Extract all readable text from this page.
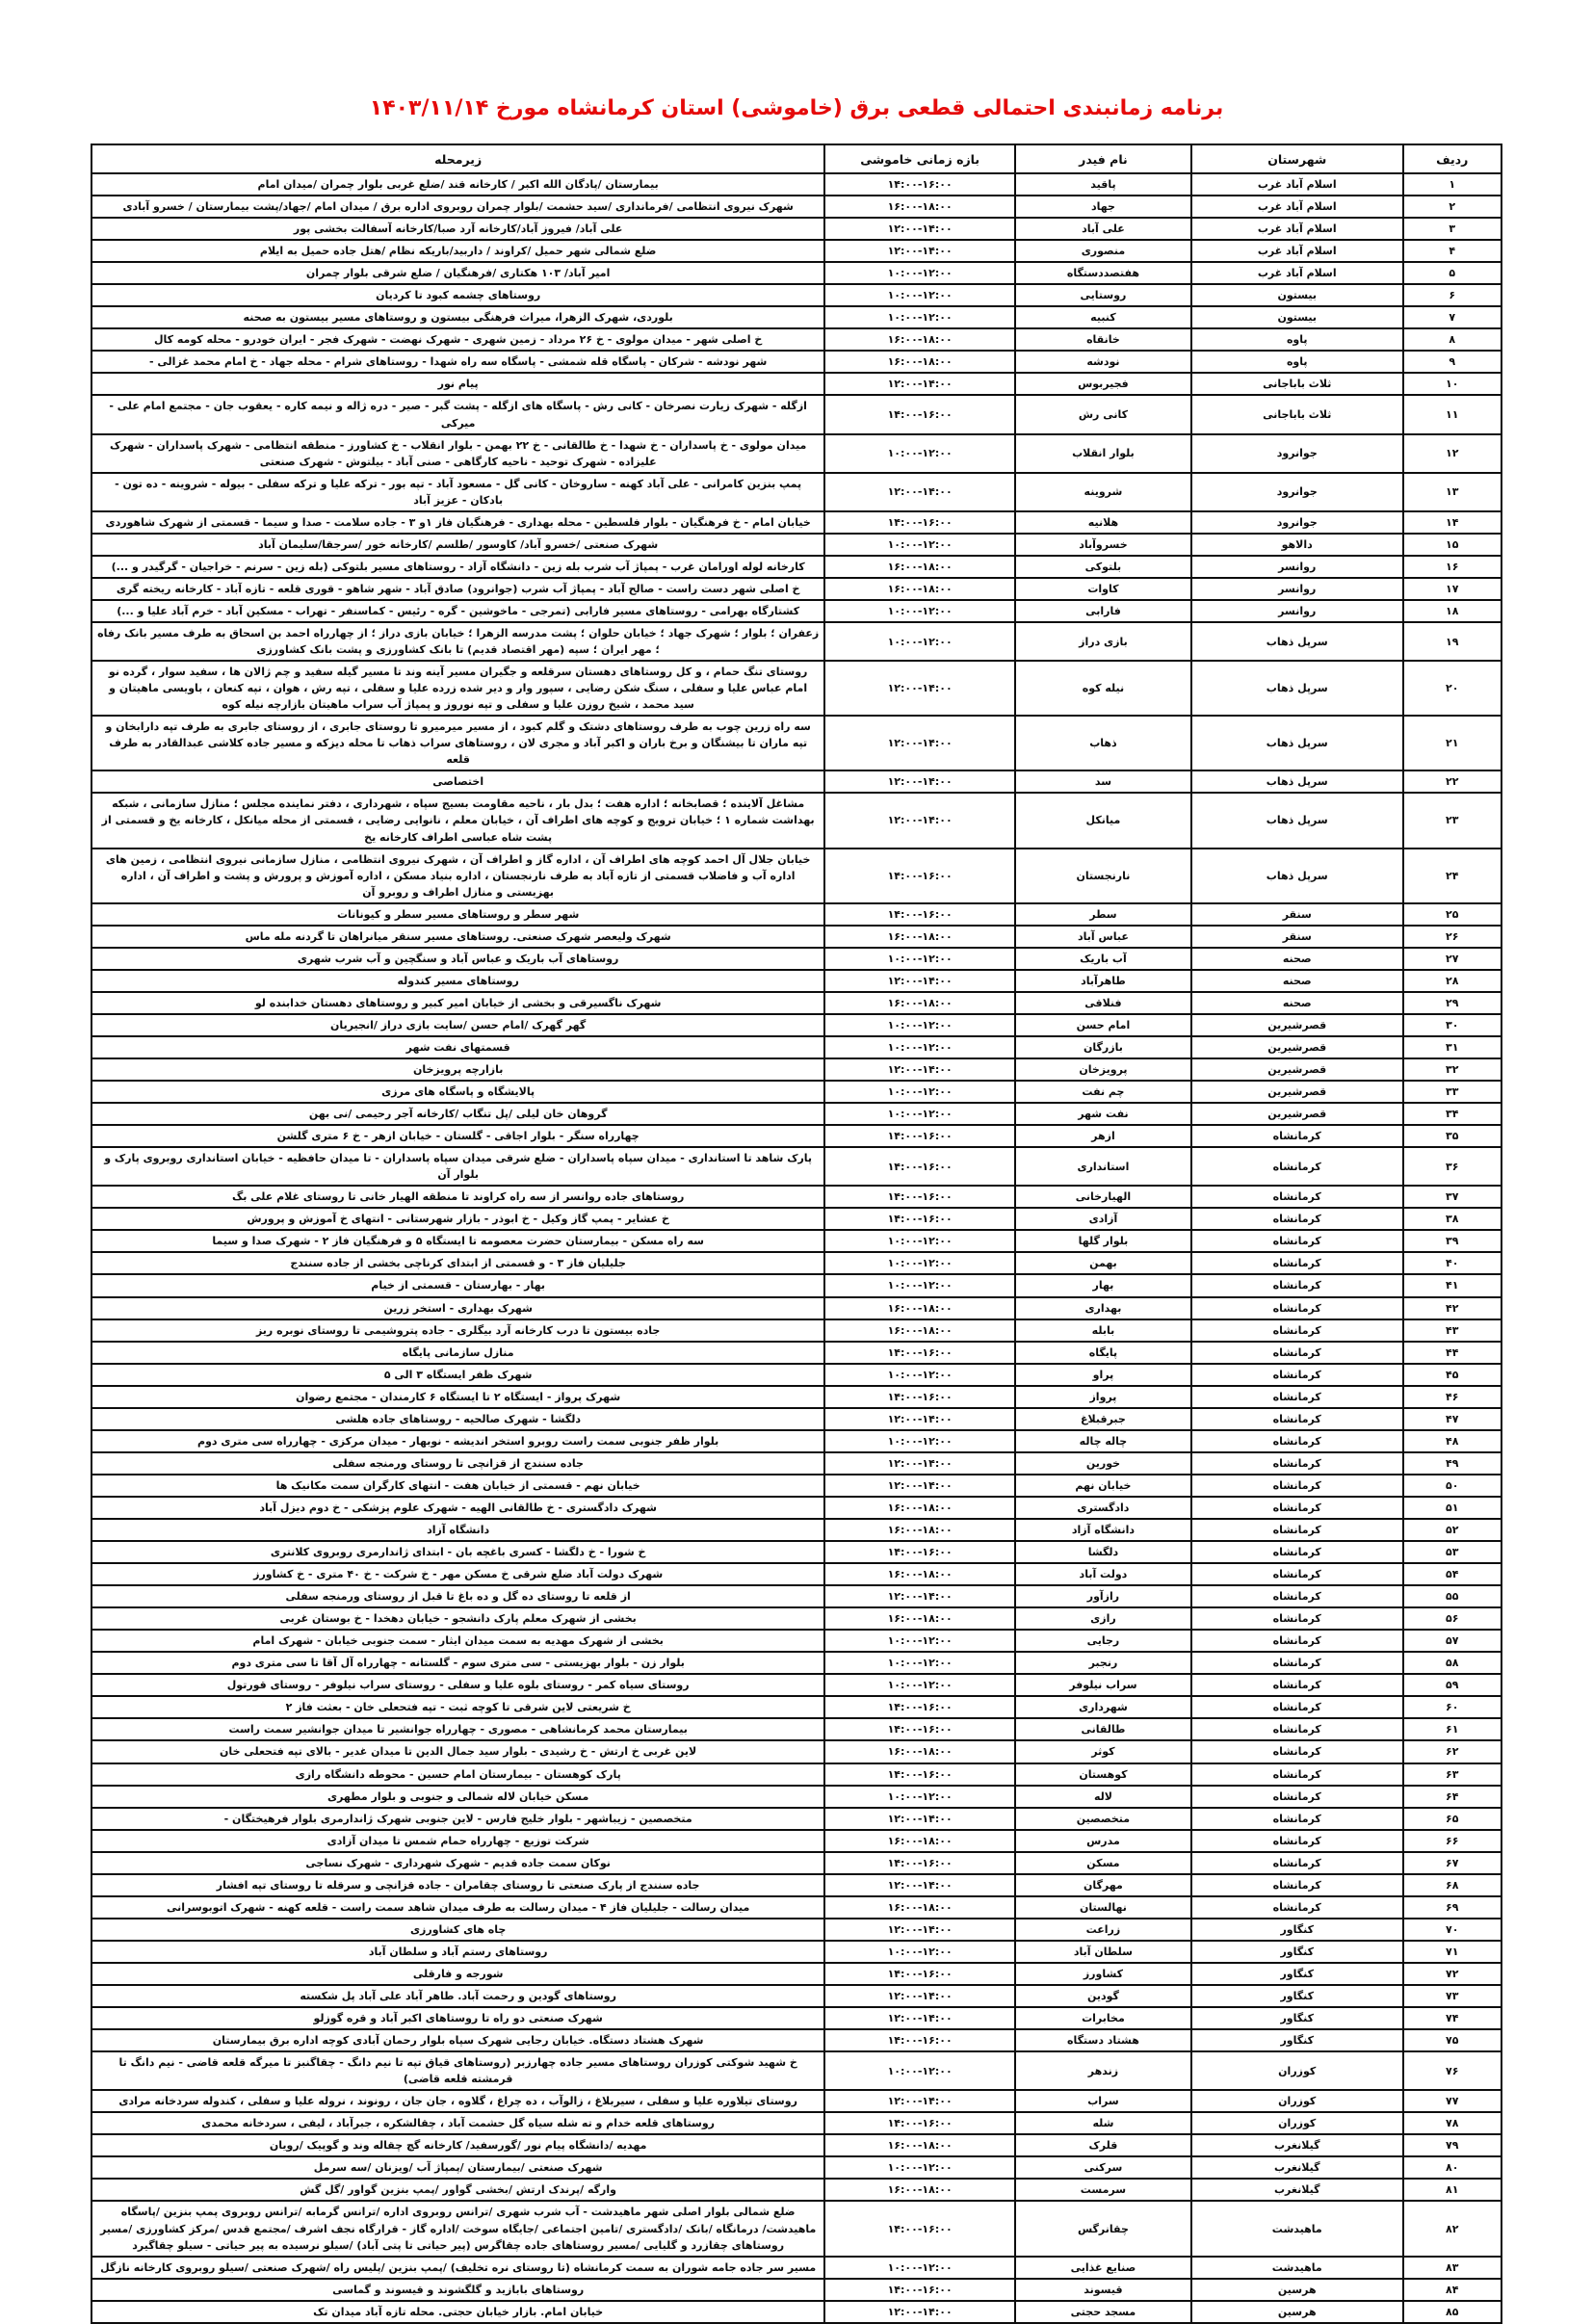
برنامه زمانبندی احتمالی قطعی برق (خاموشی) استان کرمانشاه مورخ ۱۴۰۳/۱۱/۱۴
ردیف	شهرستان	نام فیدر	بازه زمانی خاموشی	زیرمحله
۱	اسلام آباد غرب	پاقید	۱۴:۰۰-۱۶:۰۰	بیمارستان /پادگان الله اکبر / کارخانه قند /ضلع غربی بلوار چمران /میدان امام
۲	اسلام آباد غرب	جهاد	۱۶:۰۰-۱۸:۰۰	شهرک نیروی انتظامی /فرمانداری /سید حشمت /بلوار چمران روبروی اداره برق / میدان امام /جهاد/پشت بیمارستان / خسرو آبادی
۳	اسلام آباد غرب	علی آباد	۱۲:۰۰-۱۴:۰۰	علی آباد/ فیروز آباد/کارخانه آرد صبا/کارخانه آسفالت بخشی پور
۴	اسلام آباد غرب	منصوری	۱۲:۰۰-۱۴:۰۰	ضلع شمالی شهر حمیل /کراوند / داربید/باریکه نظام /هتل جاده حمیل به ایلام
۵	اسلام آباد غرب	هفتصددستگاه	۱۰:۰۰-۱۲:۰۰	امیر آباد/ ۱۰۳ هکتاری /فرهنگیان / ضلع شرقی بلوار چمران
۶	بیستون	روستایی	۱۰:۰۰-۱۲:۰۰	روستاهای چشمه کبود تا کردیان
۷	بیستون	کنبیه	۱۰:۰۰-۱۲:۰۰	بلوردی، شهرک الزهرا، میراث فرهنگی بیستون و روستاهای مسیر بیستون به صحنه
۸	پاوه	خانقاه	۱۶:۰۰-۱۸:۰۰	خ اصلی شهر - میدان مولوی - خ ۲۶ مرداد - زمین شهری - شهرک نهضت - شهرک فجر - ایران خودرو - محله کومه کال
۹	پاوه	نودشه	۱۶:۰۰-۱۸:۰۰	شهر نودشه - شرکان - پاسگاه قله شمشی - پاسگاه سه راه شهدا - روستاهای شرام - محله جهاد - خ امام محمد غزالی -
۱۰	ثلاث باباجانی	فجیربوس	۱۲:۰۰-۱۴:۰۰	پیام نور
۱۱	ثلاث باباجانی	کانی رش	۱۴:۰۰-۱۶:۰۰	ازگله - شهرک زیارت نصرخان - کانی رش - پاسگاه های ازگله - پشت گبر - صیر - دره ژاله و نیمه کاره - یعقوب جان - مجتمع امام علی - میرکی
۱۲	جوانرود	بلوار انقلاب	۱۰:۰۰-۱۲:۰۰	میدان مولوی - خ پاسداران - خ شهدا - خ طالقانی - خ ۲۲ بهمن - بلوار انقلاب - خ کشاورز - منطقه انتظامی - شهرک پاسداران - شهرک علیزاده - شهرک توحید - ناحیه کارگاهی - صنی آباد - بیلتوش - شهرک صنعتی
۱۳	جوانرود	شروینه	۱۲:۰۰-۱۴:۰۰	پمپ بنزین کامرانی - علی آباد کهنه - ساروخان - کانی گل - مسعود آباد - تپه بور - ترکه علیا و ترکه سفلی - بیوله - شروینه - ده تون - بادکان - عزیز آباد
۱۴	جوانرود	هلانیه	۱۴:۰۰-۱۶:۰۰	خیابان امام - خ فرهنگیان - بلوار فلسطین - محله بهداری - فرهنگیان فاز ۱و ۳ - جاده سلامت - صدا و سیما - قسمتی از شهرک شاهوردی
۱۵	دالاهو	خسروآباد	۱۰:۰۰-۱۲:۰۰	شهرک صنعتی /خسرو آباد/ کاوسور /طلسم /کارخانه خور /سرجقا/سلیمان آباد
۱۶	روانسر	بلتوکی	۱۶:۰۰-۱۸:۰۰	کارخانه لوله اورامان غرب - پمپاژ آب شرب بله زین - دانشگاه آزاد - روستاهای مسیر بلتوکی (بله زین - سرنم - خراجیان - گرگیدر و ...)
۱۷	روانسر	کاوات	۱۶:۰۰-۱۸:۰۰	خ اصلی شهر دست راست - صالح آباد - پمپاژ آب شرب (جوانرود) صادق آباد - شهر شاهو - قوری قلعه - تازه آباد - کارخانه ریخته گری
۱۸	روانسر	فارابی	۱۰:۰۰-۱۲:۰۰	کشتارگاه بهرامی - روستاهای مسیر فارابی (تمرجی - ماخوشین - گره - رئیس - کماسنفر - تهراب - مسکین آباد - خرم آباد علیا و ...)
۱۹	سرپل ذهاب	بازی دراز	۱۰:۰۰-۱۲:۰۰	زعفران ؛ بلوار ؛ شهرک جهاد ؛ خیابان حلوان ؛ پشت مدرسه الزهرا ؛ خیابان بازی دراز ؛ از چهارراه احمد بن اسحاق به طرف مسیر بانک رفاه ؛ مهر ایران ؛ سپه (مهر اقتصاد قدیم) تا بانک کشاورزی و پشت بانک کشاورزی
۲۰	سرپل ذهاب	نیله کوه	۱۲:۰۰-۱۴:۰۰	روستای تنگ حمام ، و کل روستاهای دهستان سرقلعه و جگیران مسیر آینه وند تا مسیر گیله سفید و چم ژالان ها ، سفید سوار ، گرده نو امام عباس علیا و سفلی ، سنگ شکن رضایی ، سپور وار و دیر شده زرده علیا و سفلی ، تپه رش ، هوان ، تپه کنعان ، باویسی ماهیتان و سید محمد ، شیخ روزن علیا و سفلی و تپه نوروز و پمپاژ آب سراب ماهیتان بازارچه نیله کوه
۲۱	سرپل ذهاب	ذهاب	۱۲:۰۰-۱۴:۰۰	سه راه زرین چوب به طرف روستاهای دشتک و گلم کبود ، از مسیر میرمیرو تا روستای جابری ، از روستای جابری به طرف تپه دارابخان و تپه ماران تا بیشنگان و برخ باران و اکبر آباد و مجری لان ، روستاهای سراب ذهاب تا محله دیزکه و مسیر جاده کلاشی عبدالقادر به طرف قلعه
۲۲	سرپل ذهاب	سد	۱۲:۰۰-۱۴:۰۰	اختصاصی
۲۳	سرپل ذهاب	میانکل	۱۲:۰۰-۱۴:۰۰	مشاغل آلاینده ؛ قصابخانه ؛ اداره هفت ؛ بدل بار ، ناحیه مقاومت بسیج سپاه ، شهرداری ، دفتر نماینده مجلس ؛ منازل سازمانی ، شبکه بهداشت شماره ۱ ؛ خیابان ترویج و کوچه های اطراف آن ، خیابان معلم ، نانوایی رضایی ، قسمتی از محله میانکل ، کارخانه یخ و قسمتی از پشت شاه عباسی اطراف کارخانه یخ
۲۴	سرپل ذهاب	نارنجستان	۱۴:۰۰-۱۶:۰۰	خیابان جلال آل احمد کوچه های اطراف آن ، اداره گاز و اطراف آن ، شهرک نیروی انتظامی ، منازل سازمانی نیروی انتظامی ، زمین های اداره آب و فاضلاب قسمتی از تازه آباد به طرف نارنجستان ، اداره بنیاد مسکن ، اداره آموزش و پرورش و پشت و اطراف آن ، اداره بهزیستی و منازل اطراف و روبرو آن
۲۵	سنقر	سطر	۱۴:۰۰-۱۶:۰۰	شهر سطر و روستاهای مسیر سطر و کیونانات
۲۶	سنقر	عباس آباد	۱۶:۰۰-۱۸:۰۰	شهرک ولیعصر شهرک صنعتی. روستاهای مسیر سنقر میانراهان تا گردنه مله ماس
۲۷	صحنه	آب باریک	۱۰:۰۰-۱۲:۰۰	روستاهای آب باریک و عباس آباد و سنگچین و آب شرب شهری
۲۸	صحنه	طاهرآباد	۱۲:۰۰-۱۴:۰۰	روستاهای مسیر کندوله
۲۹	صحنه	فنلاقی	۱۶:۰۰-۱۸:۰۰	شهرک ناگسیرقی و بخشی از خیابان امیر کبیر و روستاهای دهستان خدابنده لو
۳۰	قصرشیرین	امام حسن	۱۰:۰۰-۱۲:۰۰	گهر گهرک /امام حسن /سایت بازی دراز /انجیریان
۳۱	قصرشیرین	بازرگان	۱۰:۰۰-۱۲:۰۰	قسمتهای نفت شهر
۳۲	قصرشیرین	پرویزخان	۱۲:۰۰-۱۴:۰۰	بازارچه پرویزخان
۳۳	قصرشیرین	چم نفت	۱۰:۰۰-۱۲:۰۰	پالایشگاه و پاسگاه های مرزی
۳۴	قصرشیرین	نفت شهر	۱۰:۰۰-۱۲:۰۰	گروهان خان لیلی /پل تنگاب /کارخانه آجر رحیمی /نی بهن
۳۵	کرمانشاه	ازهر	۱۴:۰۰-۱۶:۰۰	چهارراه سنگر - بلوار اجاقی - گلستان - خیابان ازهر - خ ۶ متری گلشن
۳۶	کرمانشاه	استانداری	۱۴:۰۰-۱۶:۰۰	پارک شاهد تا استانداری - میدان سپاه پاسداران - ضلع شرقی میدان سپاه پاسداران - تا میدان حافظیه - خیابان استانداری روبروی پارک و بلوار آن
۳۷	کرمانشاه	الهیارخانی	۱۴:۰۰-۱۶:۰۰	روستاهای جاده روانسر از سه راه کراوند تا منطقه الهیار خانی تا روستای غلام علی بگ
۳۸	کرمانشاه	آزادی	۱۴:۰۰-۱۶:۰۰	خ عشایر - پمپ گاز وکیل - خ ابوذر - بازار شهرستانی - انتهای خ آموزش و پرورش
۳۹	کرمانشاه	بلوار گلها	۱۰:۰۰-۱۲:۰۰	سه راه مسکن - بیمارستان حضرت معصومه تا ایستگاه ۵ و فرهنگیان فاز ۲ - شهرک صدا و سیما
۴۰	کرمانشاه	بهمن	۱۰:۰۰-۱۲:۰۰	جلیلیان فاز ۳ - و قسمتی از ابتدای کرناچی بخشی از جاده سنندج
۴۱	کرمانشاه	بهار	۱۰:۰۰-۱۲:۰۰	بهار - بهارستان - قسمتی از خیام
۴۲	کرمانشاه	بهداری	۱۶:۰۰-۱۸:۰۰	شهرک بهداری - استخر زرین
۴۳	کرمانشاه	بابله	۱۶:۰۰-۱۸:۰۰	جاده بیستون تا درب کارخانه آرد بیگلری - جاده پتروشیمی تا روستای نوبره ریز
۴۴	کرمانشاه	پایگاه	۱۴:۰۰-۱۶:۰۰	منازل سازمانی پایگاه
۴۵	کرمانشاه	پراو	۱۰:۰۰-۱۲:۰۰	شهرک ظفر ایستگاه ۳ الی ۵
۴۶	کرمانشاه	پرواز	۱۴:۰۰-۱۶:۰۰	شهرک پرواز - ایستگاه ۲ تا ایستگاه ۶ کارمندان - مجتمع رضوان
۴۷	کرمانشاه	جبرقبلاغ	۱۲:۰۰-۱۴:۰۰	دلگشا - شهرک صالحیه - روستاهای جاده هلشی
۴۸	کرمانشاه	چاله چاله	۱۰:۰۰-۱۲:۰۰	بلوار ظفر جنوبی سمت راست روبرو استخر اندیشه - نوبهار - میدان مرکزی - چهارراه سی متری دوم
۴۹	کرمانشاه	خورین	۱۲:۰۰-۱۴:۰۰	جاده سنندج از قزانچی تا روستای ورمنجه سفلی
۵۰	کرمانشاه	خیابان نهم	۱۲:۰۰-۱۴:۰۰	خیابان نهم - قسمتی از خیابان هفت - انتهای کارگران سمت مکانیک ها
۵۱	کرمانشاه	دادگستری	۱۶:۰۰-۱۸:۰۰	شهرک دادگستری - خ طالقانی الهیه - شهرک علوم پزشکی - خ دوم دیزل آباد
۵۲	کرمانشاه	دانشگاه آزاد	۱۶:۰۰-۱۸:۰۰	دانشگاه آزاد
۵۳	کرمانشاه	دلگشا	۱۴:۰۰-۱۶:۰۰	خ شورا - خ دلگشا - کسری باغچه بان - ابتدای ژاندارمری روبروی کلانتری
۵۴	کرمانشاه	دولت آباد	۱۶:۰۰-۱۸:۰۰	شهرک دولت آباد ضلع شرقی خ مسکن مهر - خ شرکت - خ ۴۰ متری - خ کشاورز
۵۵	کرمانشاه	رازآور	۱۲:۰۰-۱۴:۰۰	از قلعه تا روستای ده گل و ده باغ تا قبل از روستای ورمنجه سفلی
۵۶	کرمانشاه	رازی	۱۶:۰۰-۱۸:۰۰	بخشی از شهرک معلم پارک دانشجو - خیابان دهخدا - خ بوستان غربی
۵۷	کرمانشاه	رجایی	۱۰:۰۰-۱۲:۰۰	بخشی از شهرک مهدیه به سمت میدان ایثار - سمت جنوبی خیابان - شهرک امام
۵۸	کرمانشاه	رنجبر	۱۰:۰۰-۱۲:۰۰	بلوار زن - بلوار بهزیستی - سی متری سوم - گلستانه - چهارراه آل آقا تا سی متری دوم
۵۹	کرمانشاه	سراب نیلوفر	۱۰:۰۰-۱۲:۰۰	روستای سیاه کمر - روستای بلوه علیا و سفلی - روستای سراب نیلوفر - روستای قورتول
۶۰	کرمانشاه	شهرداری	۱۴:۰۰-۱۶:۰۰	خ شریعتی لاین شرقی تا کوچه ثبت - تپه فتحعلی خان - بعثت فاز ۲
۶۱	کرمانشاه	طالقانی	۱۴:۰۰-۱۶:۰۰	بیمارستان محمد کرمانشاهی - مصوری - چهارراه جوانشیر تا میدان جوانشیر سمت راست
۶۲	کرمانشاه	کوثر	۱۶:۰۰-۱۸:۰۰	لاین غربی خ ارتش - خ رشیدی - بلوار سید جمال الدین تا میدان غدیر - بالای تپه فتحعلی خان
۶۳	کرمانشاه	کوهستان	۱۴:۰۰-۱۶:۰۰	پارک کوهستان - بیمارستان امام حسین - محوطه دانشگاه رازی
۶۴	کرمانشاه	لاله	۱۰:۰۰-۱۲:۰۰	مسکن خیابان لاله شمالی و جنوبی و بلوار مطهری
۶۵	کرمانشاه	متخصصین	۱۲:۰۰-۱۴:۰۰	متخصصین - زیباشهر - بلوار خلیج فارس - لاین جنوبی شهرک ژاندارمری بلوار فرهیختگان -
۶۶	کرمانشاه	مدرس	۱۶:۰۰-۱۸:۰۰	شرکت توزیع - چهارراه حمام شمس تا میدان آزادی
۶۷	کرمانشاه	مسکن	۱۴:۰۰-۱۶:۰۰	نوکان سمت جاده قدیم - شهرک شهرداری - شهرک نساجی
۶۸	کرمانشاه	مهرگان	۱۲:۰۰-۱۴:۰۰	جاده سنندج از پارک صنعتی تا روستای چقامران - جاده قزانچی و سرقله تا روستای تپه افشار
۶۹	کرمانشاه	نهالستان	۱۶:۰۰-۱۸:۰۰	میدان رسالت - جلیلیان فاز ۴ - میدان رسالت به طرف میدان شاهد سمت راست - قلعه کهنه - شهرک اتوبوسرانی
۷۰	کنگاور	زراعت	۱۲:۰۰-۱۴:۰۰	چاه های کشاورزی
۷۱	کنگاور	سلطان آباد	۱۰:۰۰-۱۲:۰۰	روستاهای رستم آباد و سلطان آباد
۷۲	کنگاور	کشاورز	۱۴:۰۰-۱۶:۰۰	شورجه و فارقلی
۷۳	کنگاور	گودین	۱۲:۰۰-۱۴:۰۰	روستاهای گودین و رحمت آباد. طاهر آباد علی آباد پل شکسته
۷۴	کنگاور	مخابرات	۱۲:۰۰-۱۴:۰۰	شهرک صنعتی دو راه تا روستاهای اکبر آباد و قره گوزلو
۷۵	کنگاور	هشتاد دستگاه	۱۴:۰۰-۱۶:۰۰	شهرک هشتاد دستگاه. خیابان رجایی شهرک سپاه بلوار رحمان آبادی کوچه اداره برق بیمارستان
۷۶	کوزران	زندهر	۱۰:۰۰-۱۲:۰۰	خ شهید شوکتی کوزران روستاهای مسیر جاده چهارزبر (روستاهای قیاق تپه تا نیم دانگ - چقاگنبز تا میرگه قلعه قاضی - نیم دانگ تا قرمشته قلعه قاضی)
۷۷	کوزران	سراب	۱۲:۰۰-۱۴:۰۰	روستای تیلاوره علیا و سفلی ، سیربلاغ ، زالوآب ، ده چراغ ، گلاوه ، جان جان ، رونوند ، نروله علیا و سفلی ، کندوله سردخانه مرادی
۷۸	کوزران	شله	۱۴:۰۰-۱۶:۰۰	روستاهای قلعه خدام و ته شله سیاه گل حشمت آباد ، چقالشکره ، جبرآباد ، لیفی ، سردخانه محمدی
۷۹	گیلانغرب	قلرک	۱۶:۰۰-۱۸:۰۰	مهدیه /دانشگاه پیام نور /گورسفید/ کارخانه گچ چقاله وند و گوپیک /رویان
۸۰	گیلانغرب	سرکنی	۱۰:۰۰-۱۲:۰۰	شهرک صنعتی /بیمارستان /پمپاژ آب /ویزنان /سه سرمل
۸۱	گیلانغرب	سرمست	۱۶:۰۰-۱۸:۰۰	وارگه /پرندک ارتش /بخشی گواور /پمپ بنزین گواور /گل گش
۸۲	ماهیدشت	چقانرگس	۱۴:۰۰-۱۶:۰۰	ضلع شمالی بلوار اصلی شهر ماهیدشت - آب شرب شهری /ترانس روبروی اداره /ترانس گرمابه /ترانس روبروی پمپ بنزین /پاسگاه ماهیدشت/ درمانگاه /بانک /دادگستری /تامین اجتماعی /جایگاه سوخت /اداره گاز - قرارگاه نجف اشرف /مجتمع قدس /مرکز کشاورزی /مسیر روستاهای چقازرد و گلیایی /مسیر روستاهای جاده چقاگرس (پیر حیاتی تا پتی آباد) /سیلو نرسیده به پیر حیاتی - سیلو چقاگیرد
۸۳	ماهیدشت	صنایع غذایی	۱۰:۰۰-۱۲:۰۰	مسیر سر جاده جامه شوران به سمت کرمانشاه (تا روستای نره تخلیف) /پمپ بنزین /پلیس راه /شهرک صنعتی /سیلو روبروی کارخانه نازگل
۸۴	هرسین	قیسوند	۱۴:۰۰-۱۶:۰۰	روستاهای بابازید و گلگشوند و قیسوند و گماسی
۸۵	هرسین	مسجد حجتی	۱۲:۰۰-۱۴:۰۰	خیابان امام. بازار خیابان حجتی. محله تازه آباد میدان تک
